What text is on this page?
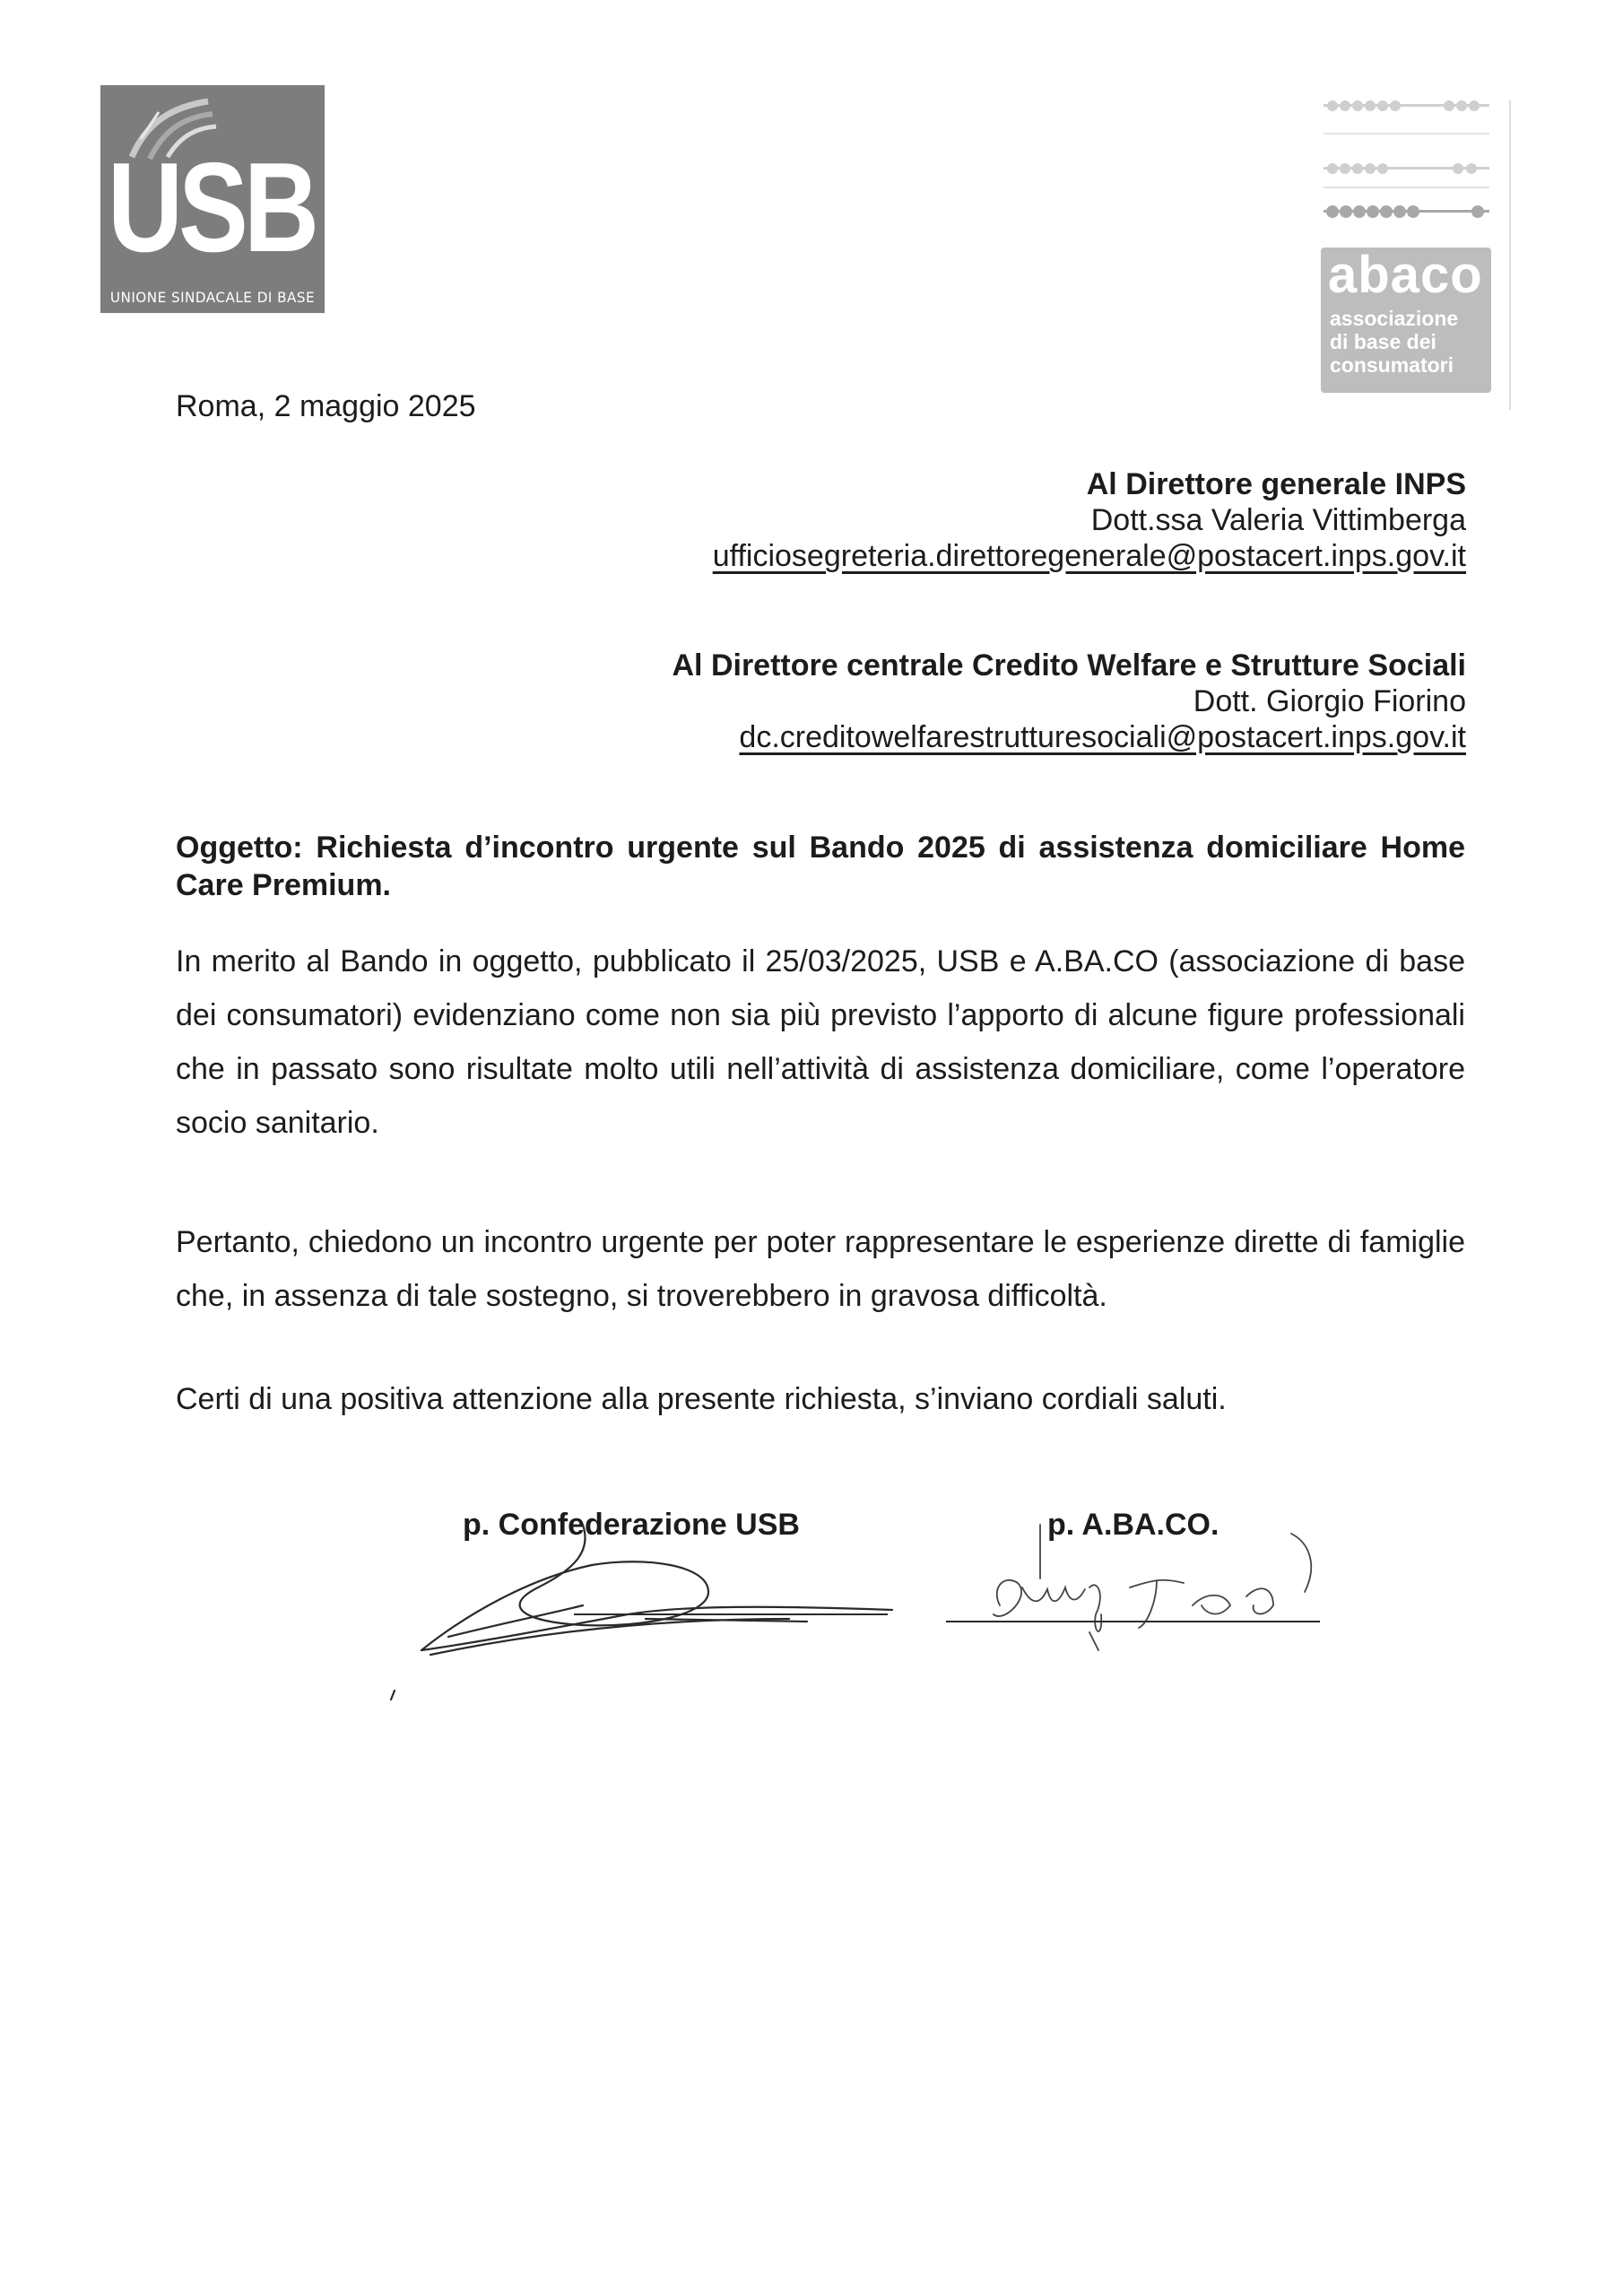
USB
UNIONE SINDACALE DI BASE	abaco
associazione
di base dei
consumatori
Roma, 2 maggio 2025
Al Direttore generale INPS
Dott.ssa Valeria Vittimberga
ufficiosegreteria.direttoregenerale@postacert.inps.gov.it
Al Direttore centrale Credito Welfare e Strutture Sociali
Dott. Giorgio Fiorino
dc.creditowelfarestrutturesociali@postacert.inps.gov.it
Oggetto: Richiesta d’incontro urgente sul Bando 2025 di assistenza domiciliare Home Care Premium.
In merito al Bando in oggetto, pubblicato il 25/03/2025, USB e A.BA.CO (associazione di base dei consumatori) evidenziano come non sia più previsto l’apporto di alcune figure professionali che in passato sono risultate molto utili nell’attività di assistenza domiciliare, come l’operatore socio sanitario.
Pertanto, chiedono un incontro urgente per poter rappresentare le esperienze dirette di famiglie che, in assenza di tale sostegno, si troverebbero in gravosa difficoltà.
Certi di una positiva attenzione alla presente richiesta, s’inviano cordiali saluti.
p. Confederazione USB	p. A.BA.CO.
